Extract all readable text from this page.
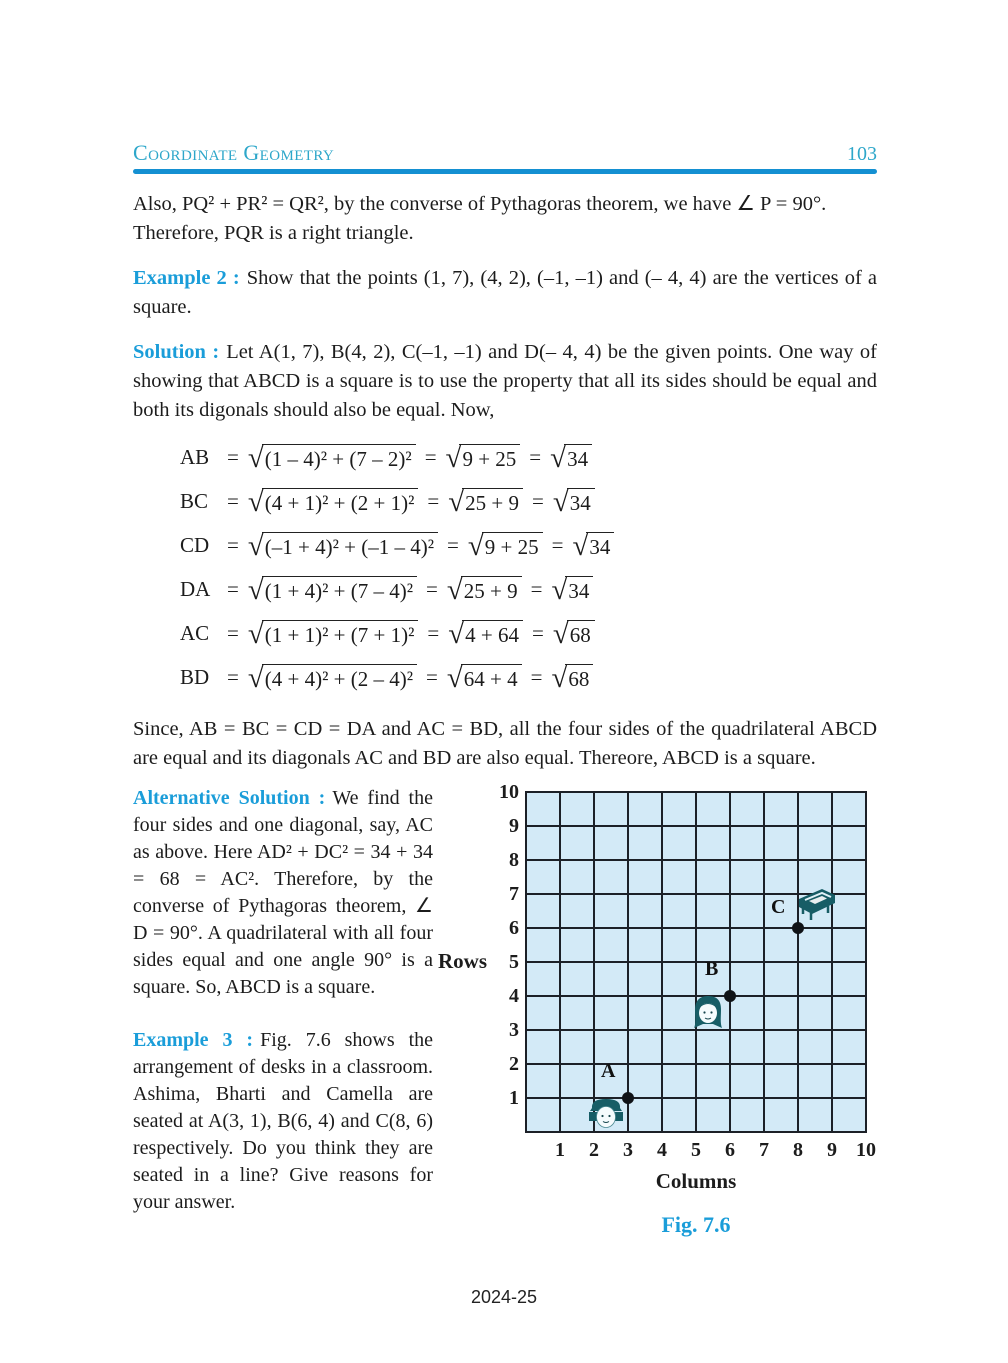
Coordinate Geometry	103

Also, PQ² + PR² = QR², by the converse of Pythagoras theorem, we have ∠ P = 90°.
Therefore, PQR is a right triangle.

Example 2 : Show that the points (1, 7), (4, 2), (–1, –1) and (– 4, 4) are the vertices of a square.

Solution : Let A(1, 7), B(4, 2), C(–1, –1) and D(– 4, 4) be the given points. One way of showing that ABCD is a square is to use the property that all its sides should be equal and both its digonals should also be equal. Now,

AB = √ (1 – 4)² + (7 – 2)² = √ 9 + 25 = √ 34
BC = √ (4 + 1)² + (2 + 1)² = √ 25 + 9 = √ 34
CD = √ (–1 + 4)² + (–1 – 4)² = √ 9 + 25 = √ 34
DA = √ (1 + 4)² + (7 – 4)² = √ 25 + 9 = √ 34
AC = √ (1 + 1)² + (7 + 1)² = √ 4 + 64 = √ 68
BD = √ (4 + 4)² + (2 – 4)² = √ 64 + 4 = √ 68

Since, AB = BC = CD = DA and AC = BD, all the four sides of the quadrilateral ABCD are equal and its diagonals AC and BD are also equal. Thereore, ABCD is a square.

Alternative Solution : We find the four sides and one diagonal, say, AC as above. Here AD² + DC² = 34 + 34 = 68 = AC². Therefore, by the converse of Pythagoras theorem, ∠ D = 90°. A quadrilateral with all four sides equal and one angle 90° is a square. So, ABCD is a square.

Example 3 : Fig. 7.6 shows the arrangement of desks in a classroom. Ashima, Bharti and Camella are seated at A(3, 1), B(6, 4) and C(8, 6) respectively. Do you think they are seated in a line? Give reasons for your answer.

Rows
10
9
8
7
6
5
4
3
2
1
A
B
C
1	2	3	4	5	6	7	8	9 10
Columns
Fig. 7.6
2024-25
